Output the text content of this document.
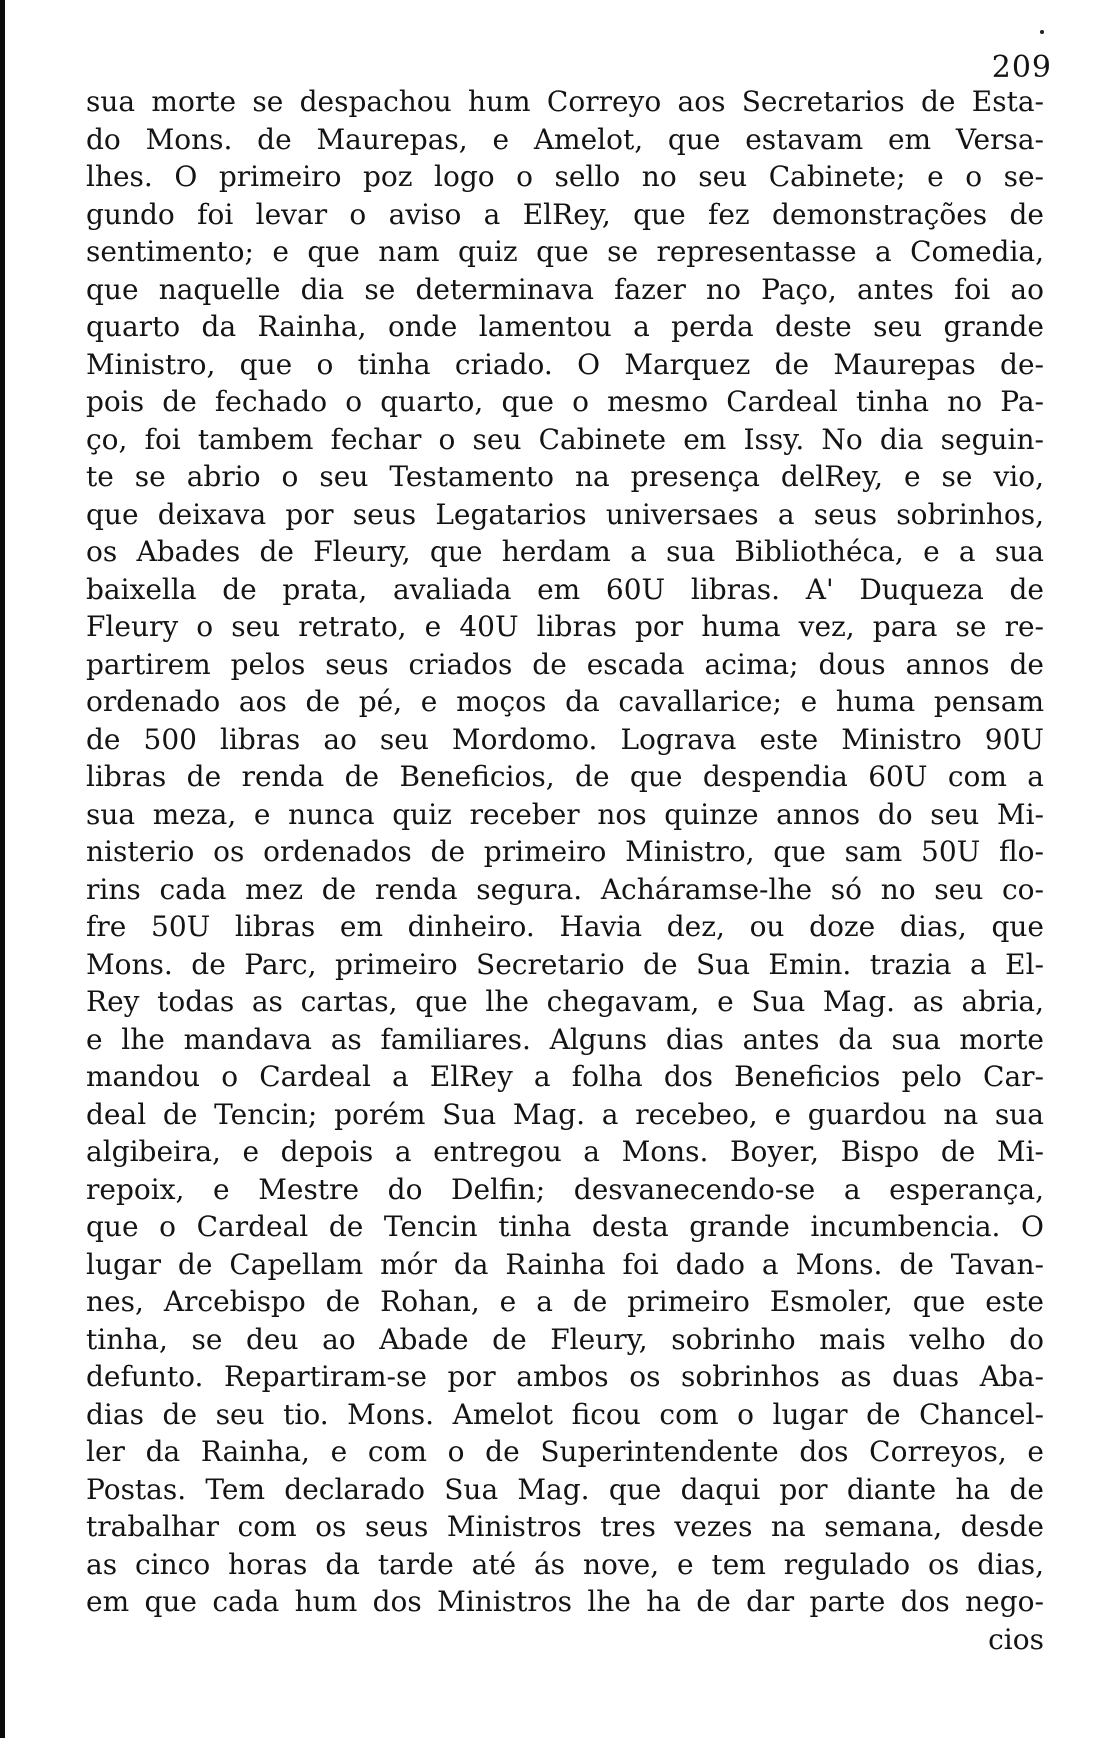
209
sua morte se despachou hum Correyo aos Secretarios de Esta-
do Mons. de Maurepas, e Amelot, que estavam em Versa-
lhes. O primeiro poz logo o sello no seu Cabinete; e o se-
gundo foi levar o aviso a ElRey, que fez demonstrações de
sentimento; e que nam quiz que se representasse a Comedia,
que naquelle dia se determinava fazer no Paço, antes foi ao
quarto da Rainha, onde lamentou a perda deste seu grande
Ministro, que o tinha criado. O Marquez de Maurepas de-
pois de fechado o quarto, que o mesmo Cardeal tinha no Pa-
ço, foi tambem fechar o seu Cabinete em Issy. No dia seguin-
te se abrio o seu Testamento na presença delRey, e se vio,
que deixava por seus Legatarios universaes a seus sobrinhos,
os Abades de Fleury, que herdam a sua Bibliothéca, e a sua
baixella de prata, avaliada em 60U libras. A' Duqueza de
Fleury o seu retrato, e 40U libras por huma vez, para se re-
partirem pelos seus criados de escada acima; dous annos de
ordenado aos de pé, e moços da cavallarice; e huma pensam
de 500 libras ao seu Mordomo. Lograva este Ministro 90U
libras de renda de Beneficios, de que despendia 60U com a
sua meza, e nunca quiz receber nos quinze annos do seu Mi-
nisterio os ordenados de primeiro Ministro, que sam 50U flo-
rins cada mez de renda segura. Acháramse-lhe só no seu co-
fre 50U libras em dinheiro. Havia dez, ou doze dias, que
Mons. de Parc, primeiro Secretario de Sua Emin. trazia a El-
Rey todas as cartas, que lhe chegavam, e Sua Mag. as abria,
e lhe mandava as familiares. Alguns dias antes da sua morte
mandou o Cardeal a ElRey a folha dos Beneficios pelo Car-
deal de Tencin; porém Sua Mag. a recebeo, e guardou na sua
algibeira, e depois a entregou a Mons. Boyer, Bispo de Mi-
repoix, e Mestre do Delfin; desvanecendo-se a esperança,
que o Cardeal de Tencin tinha desta grande incumbencia. O
lugar de Capellam mór da Rainha foi dado a Mons. de Tavan-
nes, Arcebispo de Rohan, e a de primeiro Esmoler, que este
tinha, se deu ao Abade de Fleury, sobrinho mais velho do
defunto. Repartiram-se por ambos os sobrinhos as duas Aba-
dias de seu tio. Mons. Amelot ficou com o lugar de Chancel-
ler da Rainha, e com o de Superintendente dos Correyos, e
Postas. Tem declarado Sua Mag. que daqui por diante ha de
trabalhar com os seus Ministros tres vezes na semana, desde
as cinco horas da tarde até ás nove, e tem regulado os dias,
em que cada hum dos Ministros lhe ha de dar parte dos nego-
cios
